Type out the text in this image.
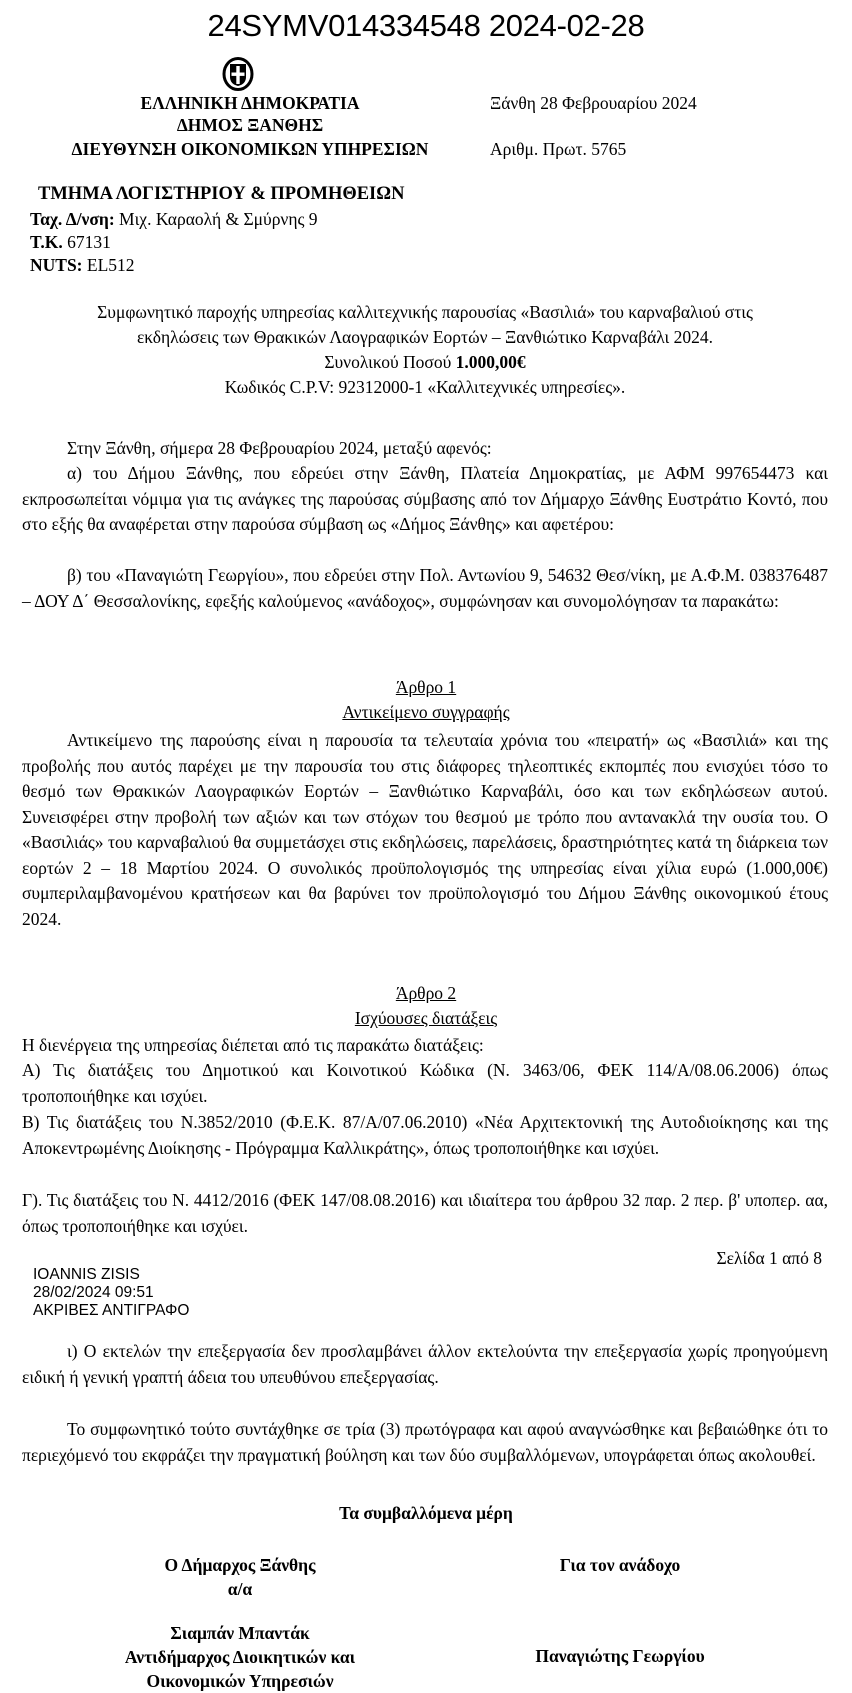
24SYMV014334548 2024-02-28
ΕΛΛΗΝΙΚΗ ΔΗΜΟΚΡΑΤΙΑ
ΔΗΜΟΣ ΞΑΝΘΗΣ
ΔΙΕΥΘΥΝΣΗ ΟΙΚΟΝΟΜΙΚΩΝ ΥΠΗΡΕΣΙΩΝ
Ξάνθη 28 Φεβρουαρίου 2024
Αριθμ. Πρωτ. 5765
ΤΜΗΜΑ ΛΟΓΙΣΤΗΡΙΟΥ & ΠΡΟΜΗΘΕΙΩΝ
Ταχ. Δ/νση: Μιχ. Καραολή & Σμύρνης 9
Τ.Κ. 67131
NUTS: EL512
Συμφωνητικό παροχής υπηρεσίας καλλιτεχνικής παρουσίας «Βασιλιά» του καρναβαλιού στις
εκδηλώσεις των Θρακικών Λαογραφικών Εορτών – Ξανθιώτικο Καρναβάλι 2024.
Συνολικού Ποσού 1.000,00€
Κωδικός C.P.V: 92312000-1 «Καλλιτεχνικές υπηρεσίες».
Στην Ξάνθη, σήμερα 28 Φεβρουαρίου 2024, μεταξύ αφενός:
α) του Δήμου Ξάνθης, που εδρεύει στην Ξάνθη, Πλατεία Δημοκρατίας, με ΑΦΜ 997654473 και εκπροσωπείται νόμιμα για τις ανάγκες της παρούσας σύμβασης από τον Δήμαρχο Ξάνθης Ευστράτιο Κοντό, που στο εξής θα αναφέρεται στην παρούσα σύμβαση ως «Δήμος Ξάνθης» και αφετέρου:
β) του «Παναγιώτη Γεωργίου», που εδρεύει στην Πολ. Αντωνίου 9, 54632 Θεσ/νίκη, με Α.Φ.Μ. 038376487 – ΔΟΥ Δ΄ Θεσσαλονίκης, εφεξής καλούμενος «ανάδοχος», συμφώνησαν και συνομολόγησαν τα παρακάτω:
Άρθρο 1
Αντικείμενο συγγραφής
Αντικείμενο της παρούσης είναι η παρουσία τα τελευταία χρόνια του «πειρατή» ως «Βασιλιά» και της προβολής που αυτός παρέχει με την παρουσία του στις διάφορες τηλεοπτικές εκπομπές που ενισχύει τόσο το θεσμό των Θρακικών Λαογραφικών Εορτών – Ξανθιώτικο Καρναβάλι, όσο και των εκδηλώσεων αυτού. Συνεισφέρει στην προβολή των αξιών και των στόχων του θεσμού με τρόπο που αντανακλά την ουσία του. Ο «Βασιλιάς» του καρναβαλιού θα συμμετάσχει στις εκδηλώσεις, παρελάσεις, δραστηριότητες κατά τη διάρκεια των εορτών 2 – 18 Μαρτίου 2024. Ο συνολικός προϋπολογισμός της υπηρεσίας είναι χίλια ευρώ (1.000,00€) συμπεριλαμβανομένου κρατήσεων και θα βαρύνει τον προϋπολογισμό του Δήμου Ξάνθης οικονομικού έτους 2024.
Άρθρο 2
Ισχύουσες διατάξεις
Η διενέργεια της υπηρεσίας διέπεται από τις παρακάτω διατάξεις:
Α) Τις διατάξεις του Δημοτικού και Κοινοτικού Κώδικα (Ν. 3463/06, ΦΕΚ 114/Α/08.06.2006) όπως τροποποιήθηκε και ισχύει.
Β) Τις διατάξεις του Ν.3852/2010 (Φ.Ε.Κ. 87/Α/07.06.2010) «Νέα Αρχιτεκτονική της Αυτοδιοίκησης και της Αποκεντρωμένης Διοίκησης - Πρόγραμμα Καλλικράτης», όπως τροποποιήθηκε και ισχύει.
Γ). Τις διατάξεις του Ν. 4412/2016 (ΦΕΚ 147/08.08.2016) και ιδιαίτερα του άρθρου 32 παρ. 2 περ. β' υποπερ. αα, όπως τροποποιήθηκε και ισχύει.
Σελίδα 1 από 8
IOANNIS ZISIS
28/02/2024 09:51
ΑΚΡΙΒΕΣ ΑΝΤΙΓΡΑΦΟ
ι) Ο εκτελών την επεξεργασία δεν προσλαμβάνει άλλον εκτελούντα την επεξεργασία χωρίς προηγούμενη ειδική ή γενική γραπτή άδεια του υπευθύνου επεξεργασίας.
Το συμφωνητικό τούτο συντάχθηκε σε τρία (3) πρωτόγραφα και αφού αναγνώσθηκε και βεβαιώθηκε ότι το περιεχόμενό του εκφράζει την πραγματική βούληση και των δύο συμβαλλόμενων, υπογράφεται όπως ακολουθεί.
Τα συμβαλλόμενα μέρη
Ο Δήμαρχος Ξάνθης
α/α
Σιαμπάν Μπαντάκ
Αντιδήμαρχος Διοικητικών και
Οικονομικών Υπηρεσιών
Για τον ανάδοχο
Παναγιώτης Γεωργίου
